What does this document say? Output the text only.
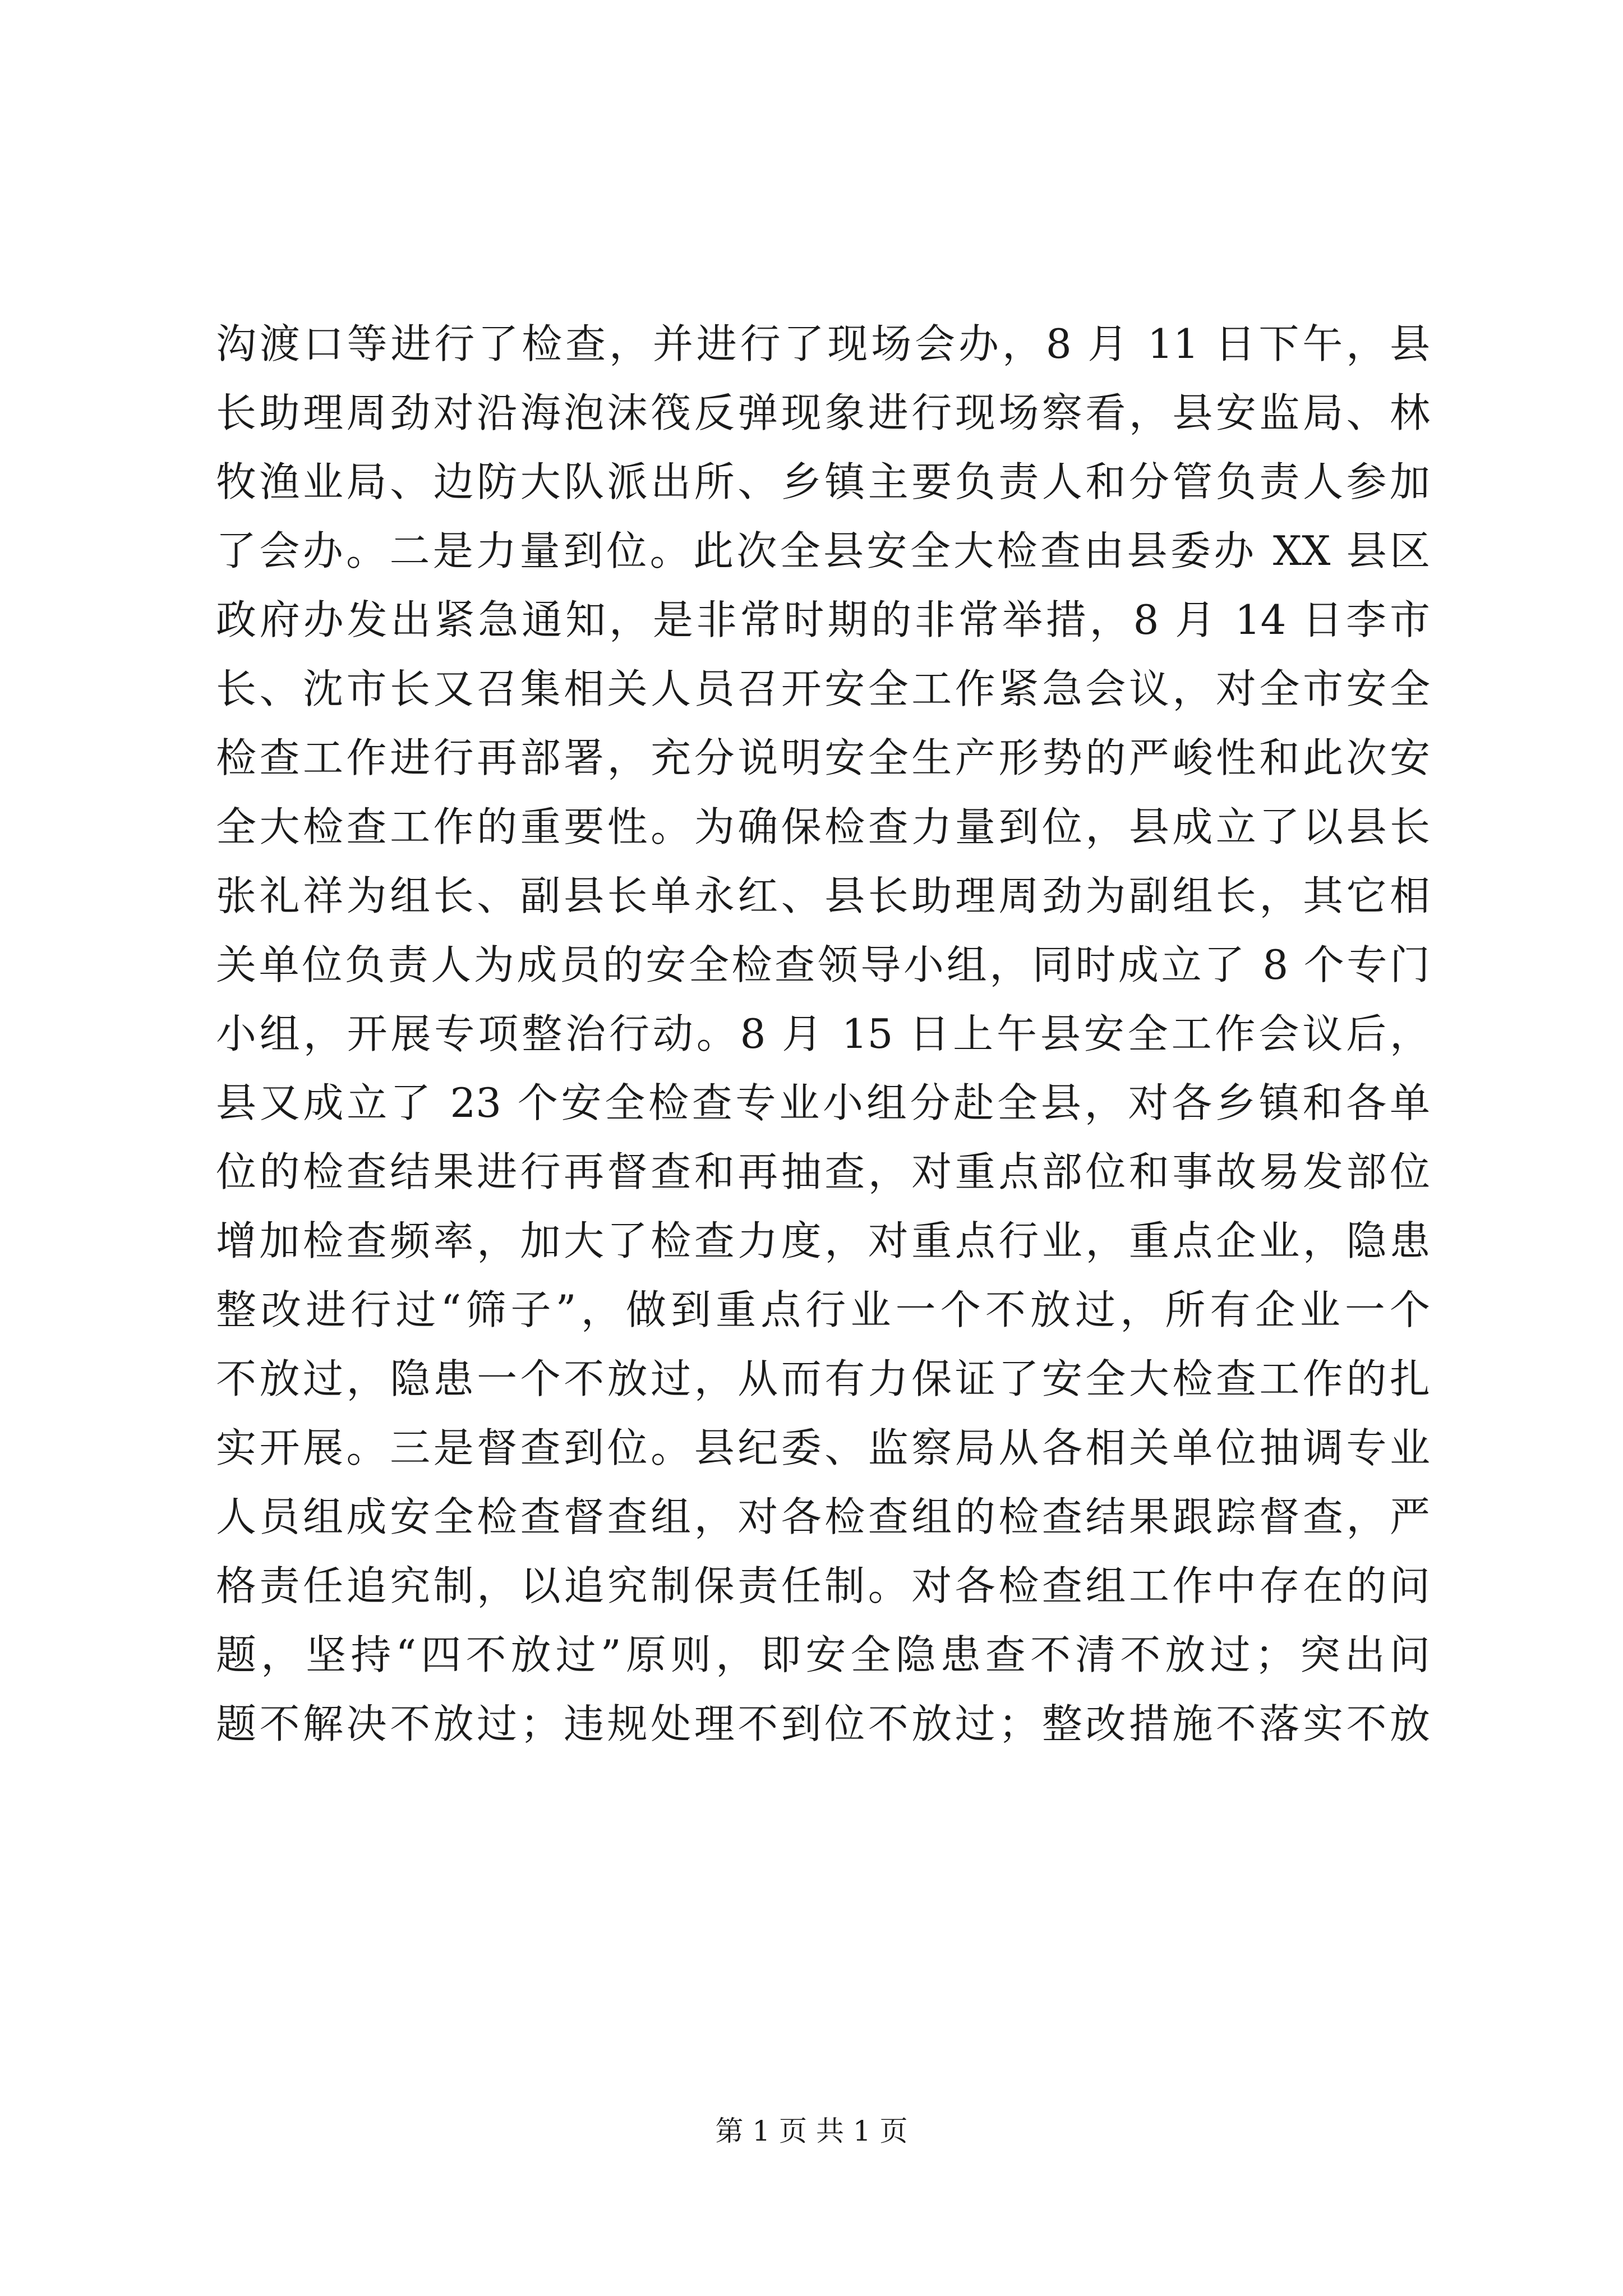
沟渡口等进行了检查，并进行了现场会办，8 月 11 日下午，县
长助理周劲对沿海泡沫筏反弹现象进行现场察看，县安监局、林
牧渔业局、边防大队派出所、乡镇主要负责人和分管负责人参加
了会办。二是力量到位。此次全县安全大检查由县委办 XX 县区
政府办发出紧急通知，是非常时期的非常举措，8 月 14 日李市
长、沈市长又召集相关人员召开安全工作紧急会议，对全市安全
检查工作进行再部署，充分说明安全生产形势的严峻性和此次安
全大检查工作的重要性。为确保检查力量到位，县成立了以县长
张礼祥为组长、副县长单永红、县长助理周劲为副组长，其它相
关单位负责人为成员的安全检查领导小组，同时成立了 8 个专门
小组，开展专项整治行动。8 月 15 日上午县安全工作会议后，
县又成立了 23 个安全检查专业小组分赴全县，对各乡镇和各单
位的检查结果进行再督查和再抽查，对重点部位和事故易发部位
增加检查频率，加大了检查力度，对重点行业，重点企业，隐患
整改进行过“筛子”，做到重点行业一个不放过，所有企业一个
不放过，隐患一个不放过，从而有力保证了安全大检查工作的扎
实开展。三是督查到位。县纪委、监察局从各相关单位抽调专业
人员组成安全检查督查组，对各检查组的检查结果跟踪督查，严
格责任追究制，以追究制保责任制。对各检查组工作中存在的问
题，坚持“四不放过”原则，即安全隐患查不清不放过；突出问
题不解决不放过；违规处理不到位不放过；整改措施不落实不放
第 1 页 共 1 页
